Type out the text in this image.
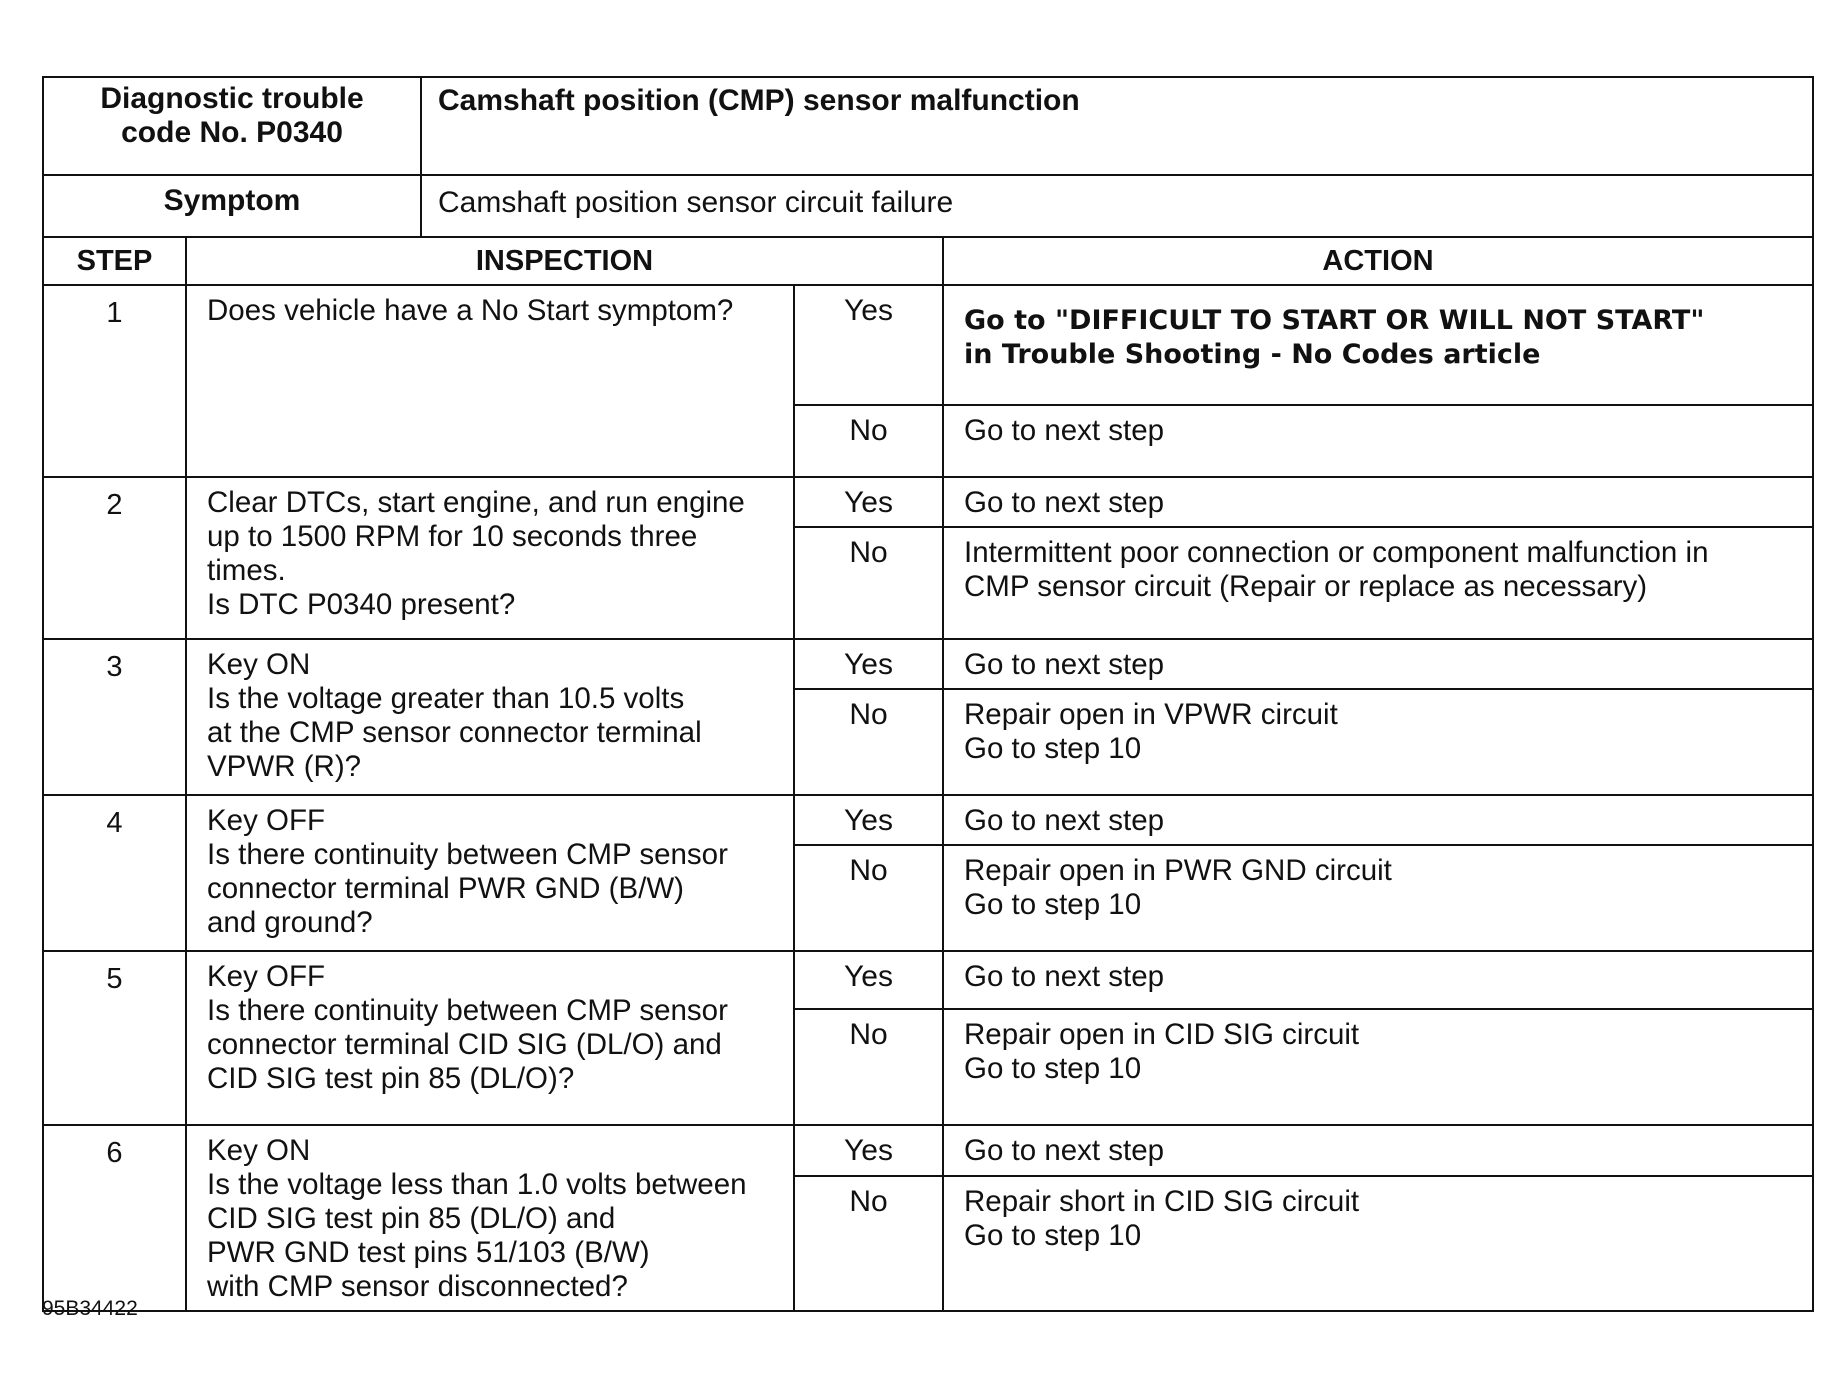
Diagnostic trouble
code No. P0340	Camshaft position (CMP) sensor malfunction
Symptom	Camshaft position sensor circuit failure
STEP	INSPECTION		ACTION
1	Does vehicle have a No Start symptom?	Yes	Go to "DIFFICULT TO START OR WILL NOT START"
in Trouble Shooting - No Codes article

		No	Go to next step

2	Clear DTCs, start engine, and run engine
up to 1500 RPM for 10 seconds three
times.
Is DTC P0340 present?	Yes	Go to next step

		No	Intermittent poor connection or component malfunction in
CMP sensor circuit (Repair or replace as necessary)

3	Key ON
Is the voltage greater than 10.5 volts
at the CMP sensor connector terminal
VPWR (R)?	Yes	Go to next step

		No	Repair open in VPWR circuit
Go to step 10

4	Key OFF
Is there continuity between CMP sensor
connector terminal PWR GND (B/W)
and ground?	Yes	Go to next step

		No	Repair open in PWR GND circuit
Go to step 10

5	Key OFF
Is there continuity between CMP sensor
connector terminal CID SIG (DL/O) and
CID SIG test pin 85 (DL/O)?	Yes	Go to next step

		No	Repair open in CID SIG circuit
Go to step 10

6	Key ON
Is the voltage less than 1.0 volts between
CID SIG test pin 85 (DL/O) and
PWR GND test pins 51/103 (B/W)
with CMP sensor disconnected?	Yes	Go to next step

		No	Repair short in CID SIG circuit
Go to step 10
95B34422
